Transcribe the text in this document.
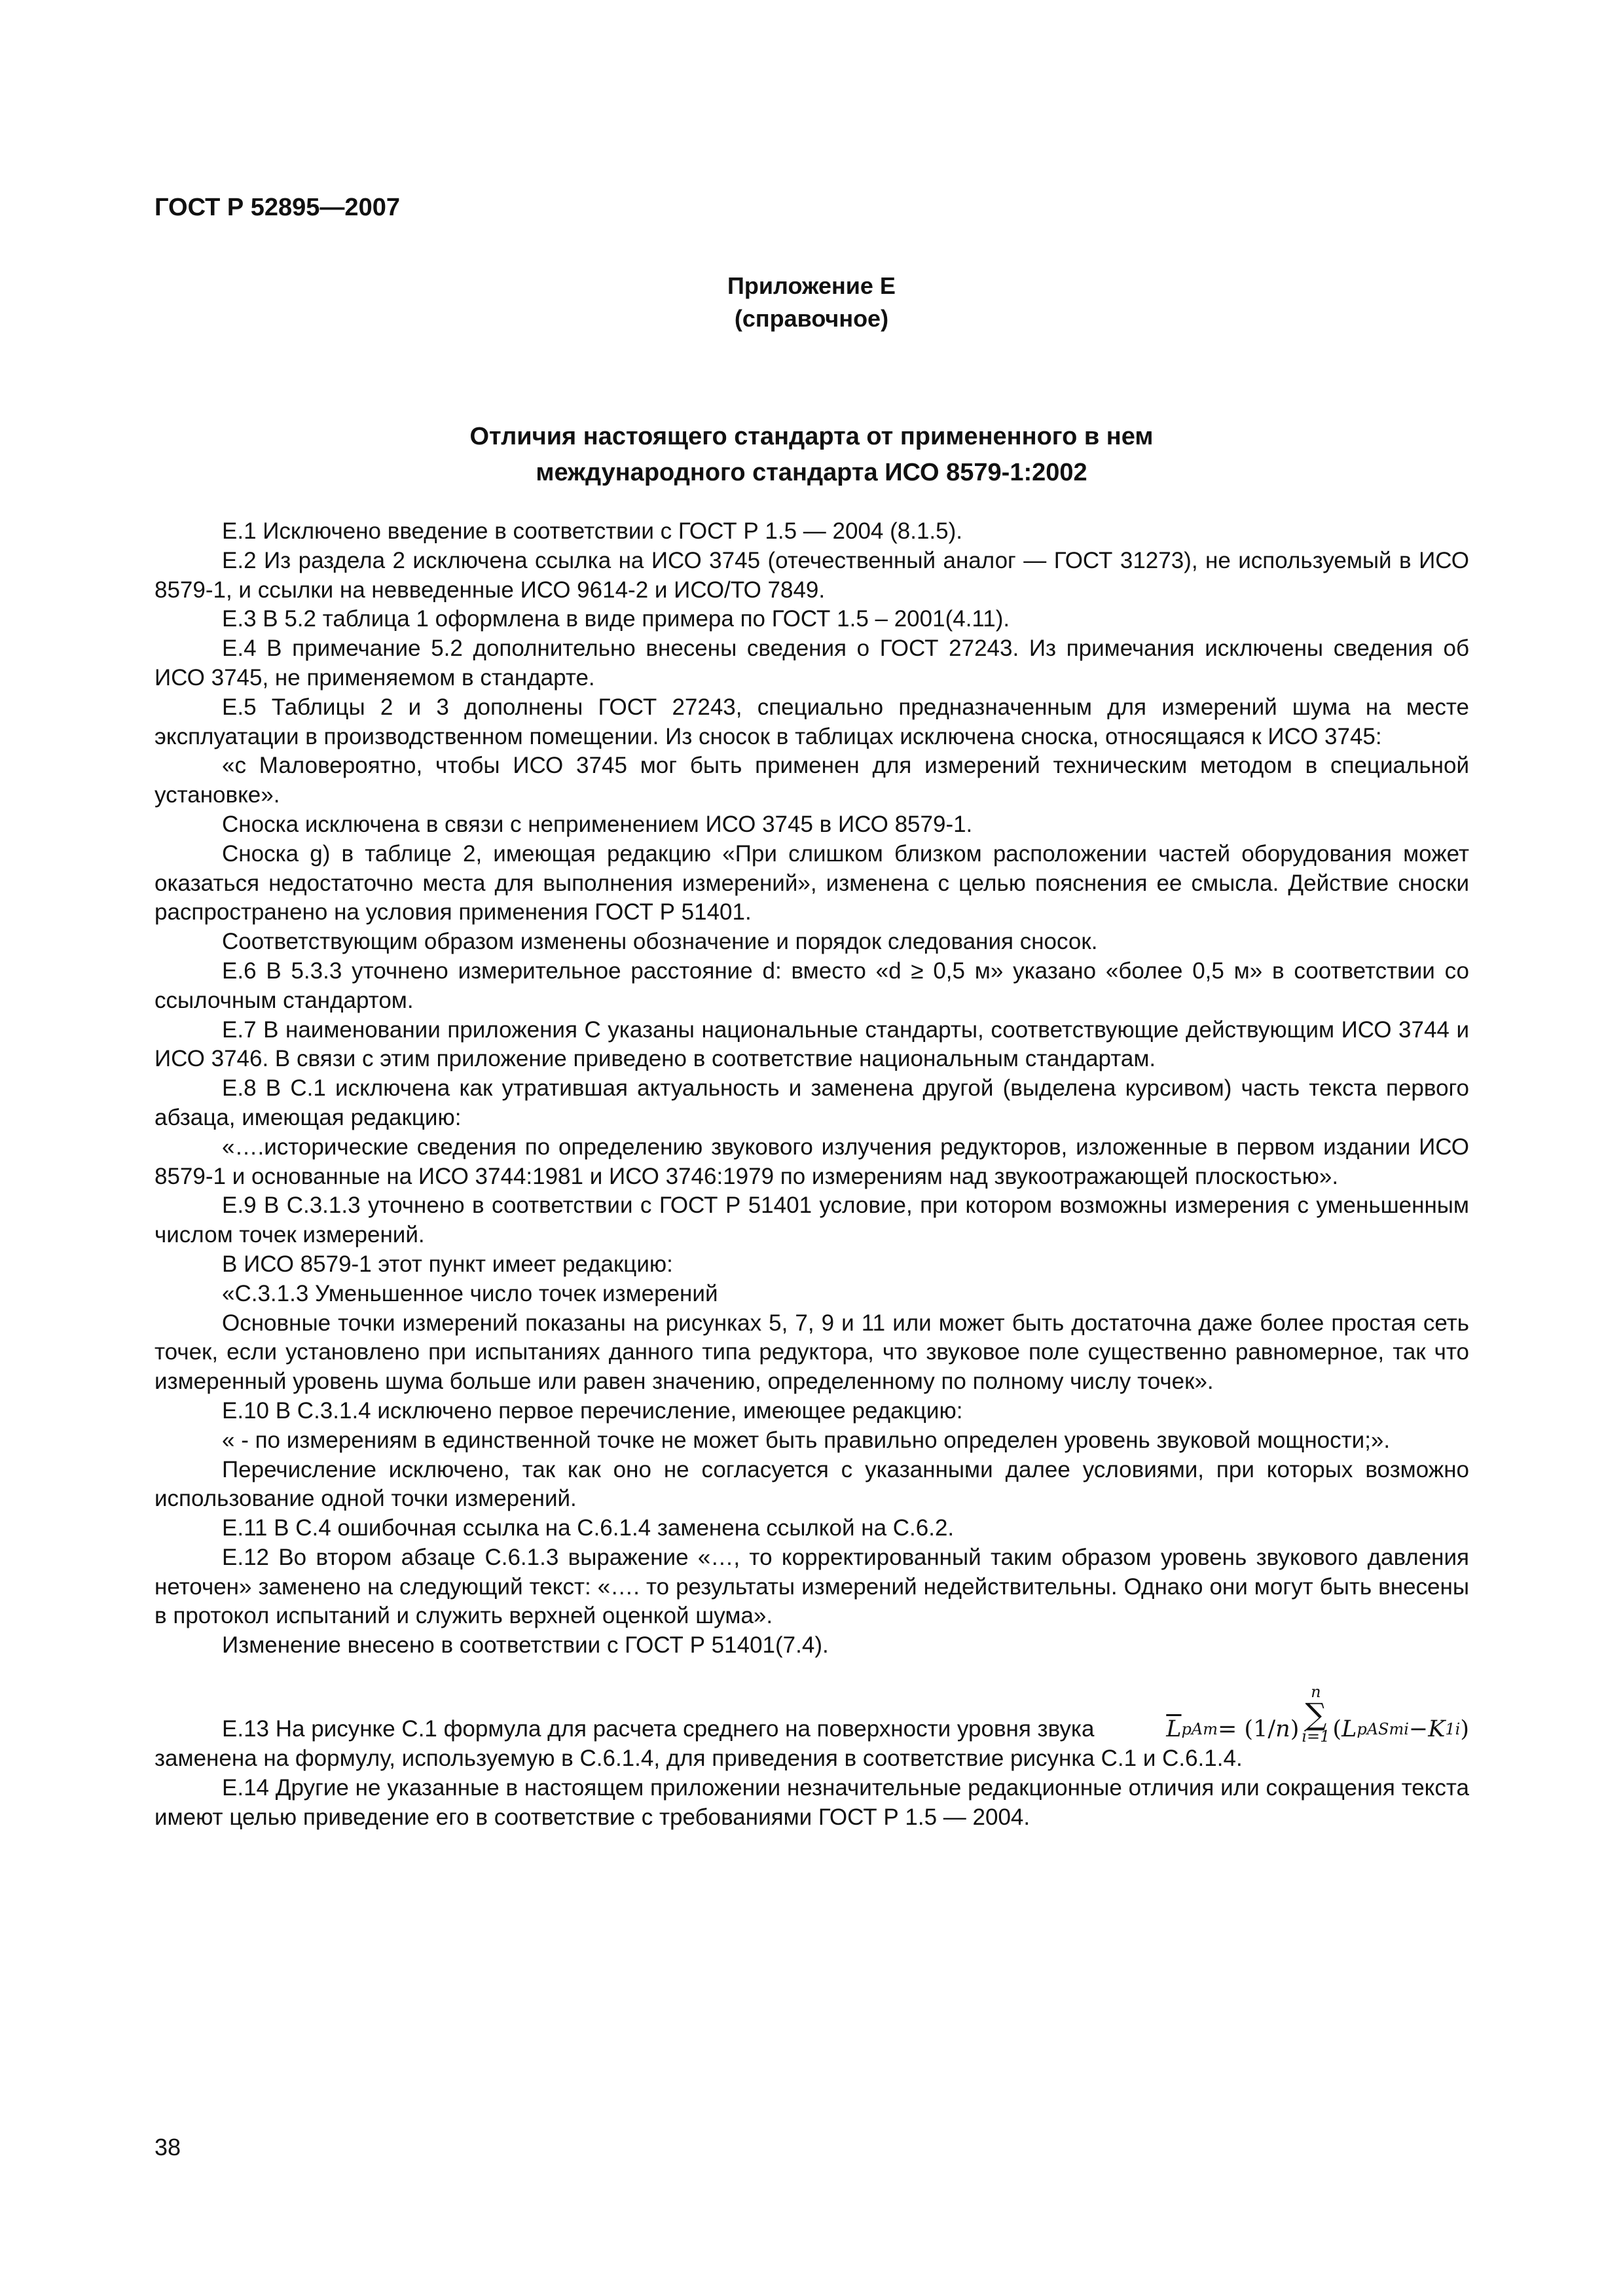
ГОСТ Р 52895—2007
Приложение Е
(справочное)
Отличия настоящего стандарта от примененного в нем
международного стандарта ИСО 8579-1:2002

Е.1 Исключено введение в соответствии с ГОСТ Р 1.5 — 2004 (8.1.5).

Е.2 Из раздела 2 исключена ссылка на ИСО 3745 (отечественный аналог — ГОСТ 31273), не используемый в ИСО 8579-1, и ссылки на невведенные ИСО 9614-2 и ИСО/ТО 7849.

Е.3 В 5.2 таблица 1 оформлена в виде примера по ГОСТ 1.5 – 2001(4.11).

Е.4 В примечание 5.2 дополнительно внесены сведения о ГОСТ 27243. Из примечания исключены сведения об ИСО 3745, не применяемом в стандарте.

Е.5 Таблицы 2 и 3 дополнены ГОСТ 27243, специально предназначенным для измерений шума на месте эксплуатации в производственном помещении. Из сносок в таблицах исключена сноска, относящаяся к ИСО 3745:

«c Маловероятно, чтобы ИСО 3745 мог быть применен для измерений техническим методом в специальной установке».

Сноска исключена в связи с неприменением ИСО 3745 в ИСО 8579-1.

Сноска g) в таблице 2, имеющая редакцию «При слишком близком расположении частей оборудования может оказаться недостаточно места для выполнения измерений», изменена с целью пояснения ее смысла. Действие сноски распространено на условия применения ГОСТ Р 51401.

Соответствующим образом изменены обозначение и порядок следования сносок.

Е.6 В 5.3.3 уточнено измерительное расстояние d: вместо «d ≥ 0,5 м» указано «более 0,5 м» в соответствии со ссылочным стандартом.

Е.7 В наименовании приложения С указаны национальные стандарты, соответствующие действующим ИСО 3744 и ИСО 3746. В связи с этим приложение приведено в соответствие национальным стандартам.

Е.8 В С.1 исключена как утратившая актуальность и заменена другой (выделена курсивом) часть текста первого абзаца, имеющая редакцию:

«….исторические сведения по определению звукового излучения редукторов, изложенные в первом издании ИСО 8579-1 и основанные на ИСО 3744:1981 и ИСО 3746:1979 по измерениям над звукоотражающей плоскостью».

Е.9 В С.3.1.3 уточнено в соответствии с ГОСТ Р 51401 условие, при котором возможны измерения с уменьшенным числом точек измерений.

В ИСО 8579-1 этот пункт имеет редакцию:

«С.3.1.3 Уменьшенное число точек измерений

Основные точки измерений показаны на рисунках 5, 7, 9 и 11 или может быть достаточна даже более простая сеть точек, если установлено при испытаниях данного типа редуктора, что звуковое поле существенно равномерное, так что измеренный уровень шума больше или равен значению, определенному по полному числу точек».

Е.10 В С.3.1.4 исключено первое перечисление, имеющее редакцию:

« - по измерениям в единственной точке не может быть правильно определен уровень звуковой мощности;».

Перечисление исключено, так как оно не согласуется с указанными далее условиями, при которых возможно использование одной точки измерений.

Е.11 В С.4 ошибочная ссылка на С.6.1.4 заменена ссылкой на С.6.2.

Е.12 Во втором абзаце С.6.1.3 выражение «…, то корректированный таким образом уровень звукового давления неточен» заменено на следующий текст: «…. то результаты измерений недействительны. Однако они могут быть внесены в протокол испытаний и служить верхней оценкой шума».

Изменение внесено в соответствии с ГОСТ Р 51401(7.4).

Е.13 На рисунке С.1 формула для расчета среднего на поверхности уровня звука	$\overline{L}$ pAm = (1/ n )
n
∑
i=1 ( L pASmi − K 1i )

заменена на формулу, используемую в С.6.1.4, для приведения в соответствие рисунка С.1 и С.6.1.4.

Е.14 Другие не указанные в настоящем приложении незначительные редакционные отличия или сокращения текста имеют целью приведение его в соответствие с требованиями ГОСТ Р 1.5 — 2004.

38
